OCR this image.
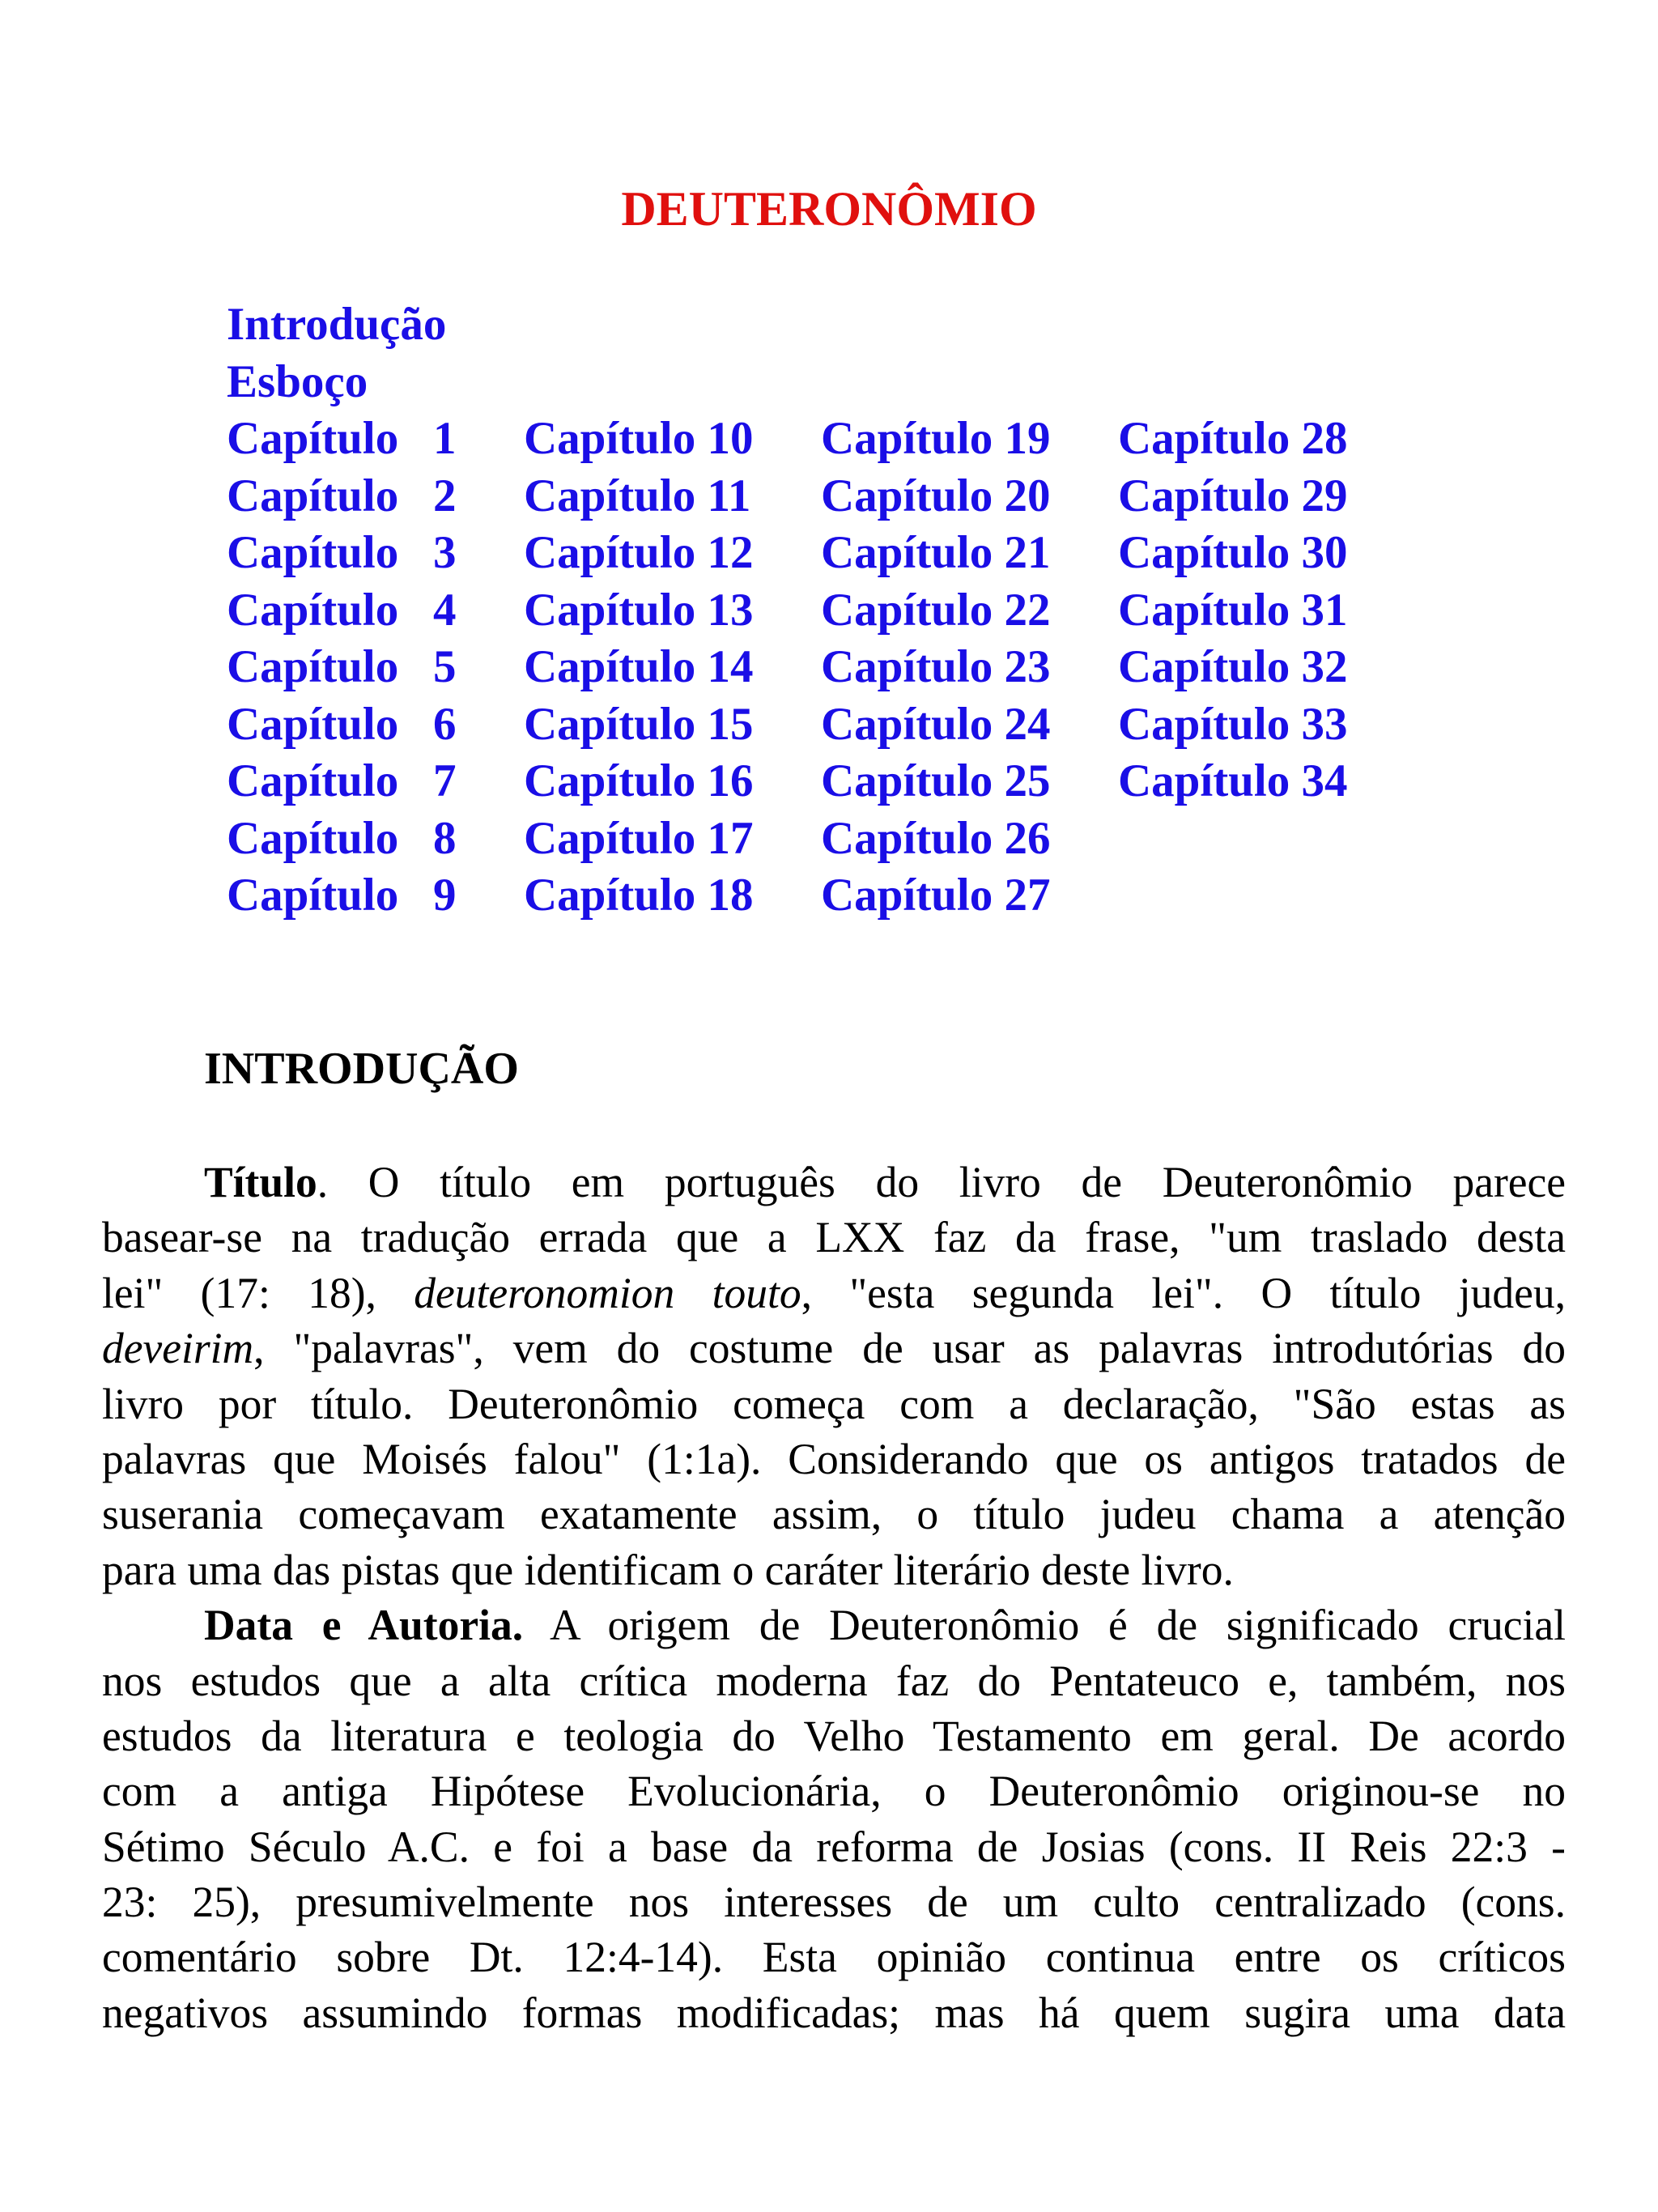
DEUTERONÔMIO
Introdução
Esboço
Capítulo   1
Capítulo   2
Capítulo   3
Capítulo   4
Capítulo   5
Capítulo   6
Capítulo   7
Capítulo   8
Capítulo   9
Capítulo 10
Capítulo 11
Capítulo 12
Capítulo 13
Capítulo 14
Capítulo 15
Capítulo 16
Capítulo 17
Capítulo 18
Capítulo 19
Capítulo 20
Capítulo 21
Capítulo 22
Capítulo 23
Capítulo 24
Capítulo 25
Capítulo 26
Capítulo 27
Capítulo 28
Capítulo 29
Capítulo 30
Capítulo 31
Capítulo 32
Capítulo 33
Capítulo 34
INTRODUÇÃO
Título. O título em português do livro de Deuteronômio parece
basear-se na tradução errada que a LXX faz da frase, "um traslado desta
lei" (17: 18), deuteronomion touto, "esta segunda lei". O título judeu,
deveirim, "palavras", vem do costume de usar as palavras introdutórias do
livro por título. Deuteronômio começa com a declaração, "São estas as
palavras que Moisés falou" (1:1a). Considerando que os antigos tratados de
suserania começavam exatamente assim, o título judeu chama a atenção
para uma das pistas que identificam o caráter literário deste livro.
Data e Autoria. A origem de Deuteronômio é de significado crucial
nos estudos que a alta crítica moderna faz do Pentateuco e, também, nos
estudos da literatura e teologia do Velho Testamento em geral. De acordo
com a antiga Hipótese Evolucionária, o Deuteronômio originou-se no
Sétimo Século A.C. e foi a base da reforma de Josias (cons. II Reis 22:3 -
23: 25), presumivelmente nos interesses de um culto centralizado (cons.
comentário sobre Dt. 12:4-14). Esta opinião continua entre os críticos
negativos assumindo formas modificadas; mas há quem sugira uma data
